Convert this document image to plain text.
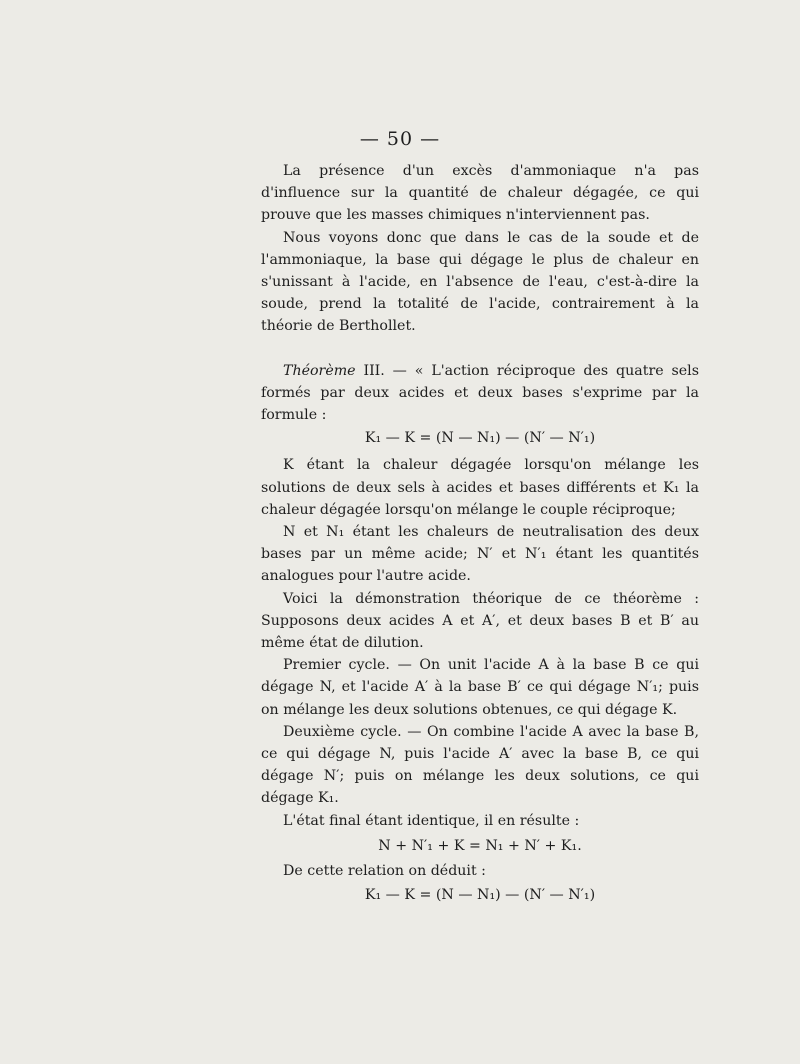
— 50 —

La présence d'un excès d'ammoniaque n'a pas d'influence sur la quantité de chaleur dégagée, ce qui prouve que les masses chimiques n'interviennent pas.

Nous voyons donc que dans le cas de la soude et de l'ammoniaque, la base qui dégage le plus de chaleur en s'unissant à l'acide, en l'absence de l'eau, c'est-à-dire la soude, prend la totalité de l'acide, contrairement à la théorie de Berthollet.

Théorème III. — « L'action réciproque des quatre sels formés par deux acides et deux bases s'exprime par la formule :

K₁ — K = (N — N₁) — (N′ — N′₁)

K étant la chaleur dégagée lorsqu'on mélange les solutions de deux sels à acides et bases différents et K₁ la chaleur dégagée lorsqu'on mélange le couple réciproque;

N et N₁ étant les chaleurs de neutralisation des deux bases par un même acide; N′ et N′₁ étant les quantités analogues pour l'autre acide.

Voici la démonstration théorique de ce théorème : Supposons deux acides A et A′, et deux bases B et B′ au même état de dilution.

Premier cycle. — On unit l'acide A à la base B ce qui dégage N, et l'acide A′ à la base B′ ce qui dégage N′₁; puis on mélange les deux solutions obtenues, ce qui dégage K.

Deuxième cycle. — On combine l'acide A avec la base B, ce qui dégage N, puis l'acide A′ avec la base B, ce qui dégage N′; puis on mélange les deux solutions, ce qui dégage K₁.

L'état final étant identique, il en résulte :

N + N′₁ + K = N₁ + N′ + K₁.

De cette relation on déduit :

K₁ — K = (N — N₁) — (N′ — N′₁)
